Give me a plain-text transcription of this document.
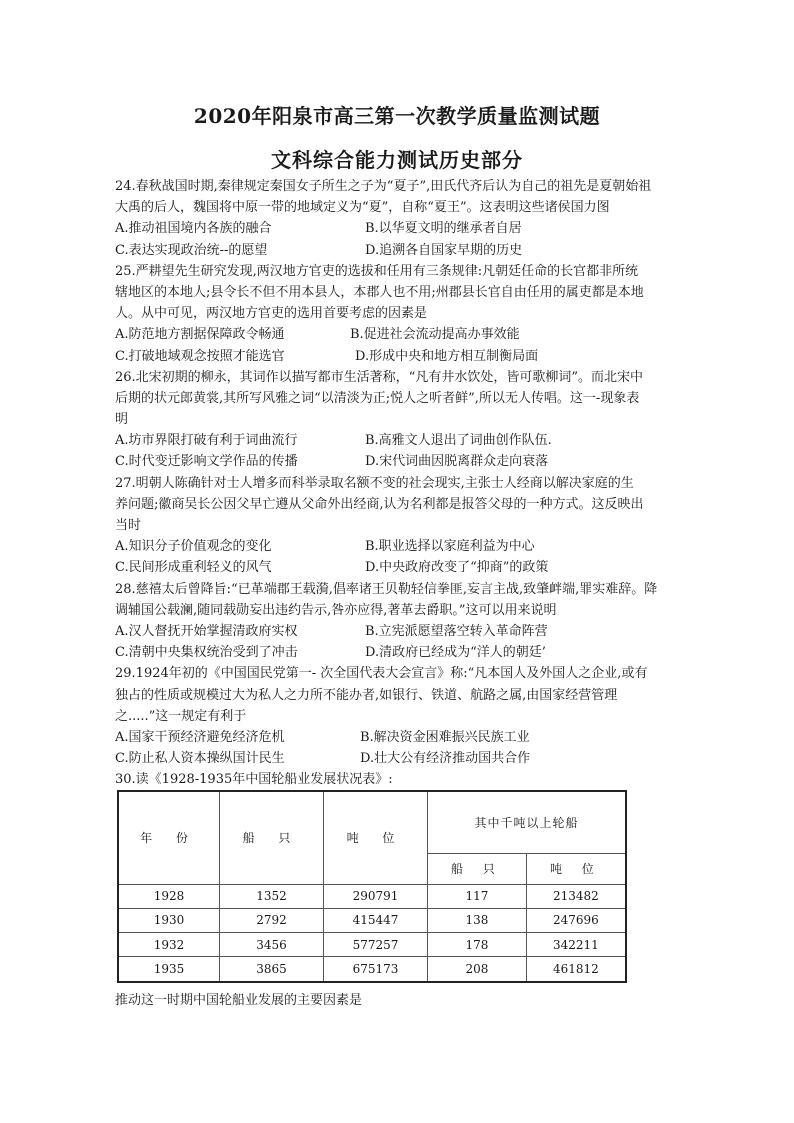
2020年阳泉市高三第一次教学质量监测试题
文科综合能力测试历史部分
24.春秋战国时期,秦律规定秦国女子所生之子为“夏子”,田氏代齐后认为自己的祖先是夏朝始祖
大禹的后人，魏国将中原一带的地域定义为“夏”，自称“夏王”。这表明这些诸侯国力图
A.推动祖国境内各族的融合	B.以华夏文明的继承者自居
C.表达实现政治统--的愿望	D.追溯各自国家早期的历史
25.严耕望先生研究发现,两汉地方官吏的选拔和任用有三条规律:凡朝廷任命的长官都非所统
辖地区的本地人;县令长不但不用本县人，本郡人也不用;州郡县长官自由任用的属吏都是本地
人。从中可见，两汉地方官吏的选用首要考虑的因素是
A.防范地方割据保障政令畅通	B.促进社会流动提高办事效能
C.打破地域观念按照才能选官	D.形成中央和地方相互制衡局面
26.北宋初期的柳永，其词作以描写都市生活著称，“凡有井水饮处，皆可歌柳词”。而北宋中
后期的状元郎黄裳,其所写风雅之词“以清淡为正;悦人之听者鲜”,所以无人传唱。这一-现象表
明
A.坊市界限打破有利于词曲流行	B.高雅文人退出了词曲创作队伍.
C.时代变迁影响文学作品的传播	D.宋代词曲因脱离群众走向衰落
27.明朝人陈确针对士人增多而科举录取名额不变的社会现实,主张士人经商以解决家庭的生
养问题;徽商吴长公因父早亡遵从父命外出经商,认为名利都是报答父母的一种方式。这反映出
当时
A.知识分子价值观念的变化	B.职业选择以家庭利益为中心
C.民间形成重利轻义的风气	D.中央政府改变了“抑商”的政策
28.慈禧太后曾降旨:“已革端郡王载漪,倡率诸王贝勒轻信拳匪,妄言主战,致肇衅端,罪实难辞。降
调辅国公载澜,随同载勋妄出违约告示,咎亦应得,著革去爵职。”这可以用来说明
A.汉人督抚开始掌握清政府实权	B.立宪派愿望落空转入革命阵营
C.清朝中央集权统治受到了冲击	D.清政府已经成为“洋人的朝廷’
29.1924年初的《中国国民党第一- 次全国代表大会宣言》称:“凡本国人及外国人之企业,或有
独占的性质或规模过大为私人之力所不能办者,如银行、铁道、航路之属,由国家经营管理
之.....”这一规定有利于
A.国家干预经济避免经济危机	B.解决资金困难振兴民族工业
C.防止私人资本操纵国计民生	D.壮大公有经济推动国共合作
30.读《1928-1935年中国轮船业发展状况表》:
年 份	船 只	吨 位	其中千吨以上轮船	
			船 只	吨 位
1928	1352	290791	117	213482
1930	2792	415447	138	247696
1932	3456	577257	178	342211
1935	3865	675173	208	461812
推动这一时期中国轮船业发展的主要因素是
